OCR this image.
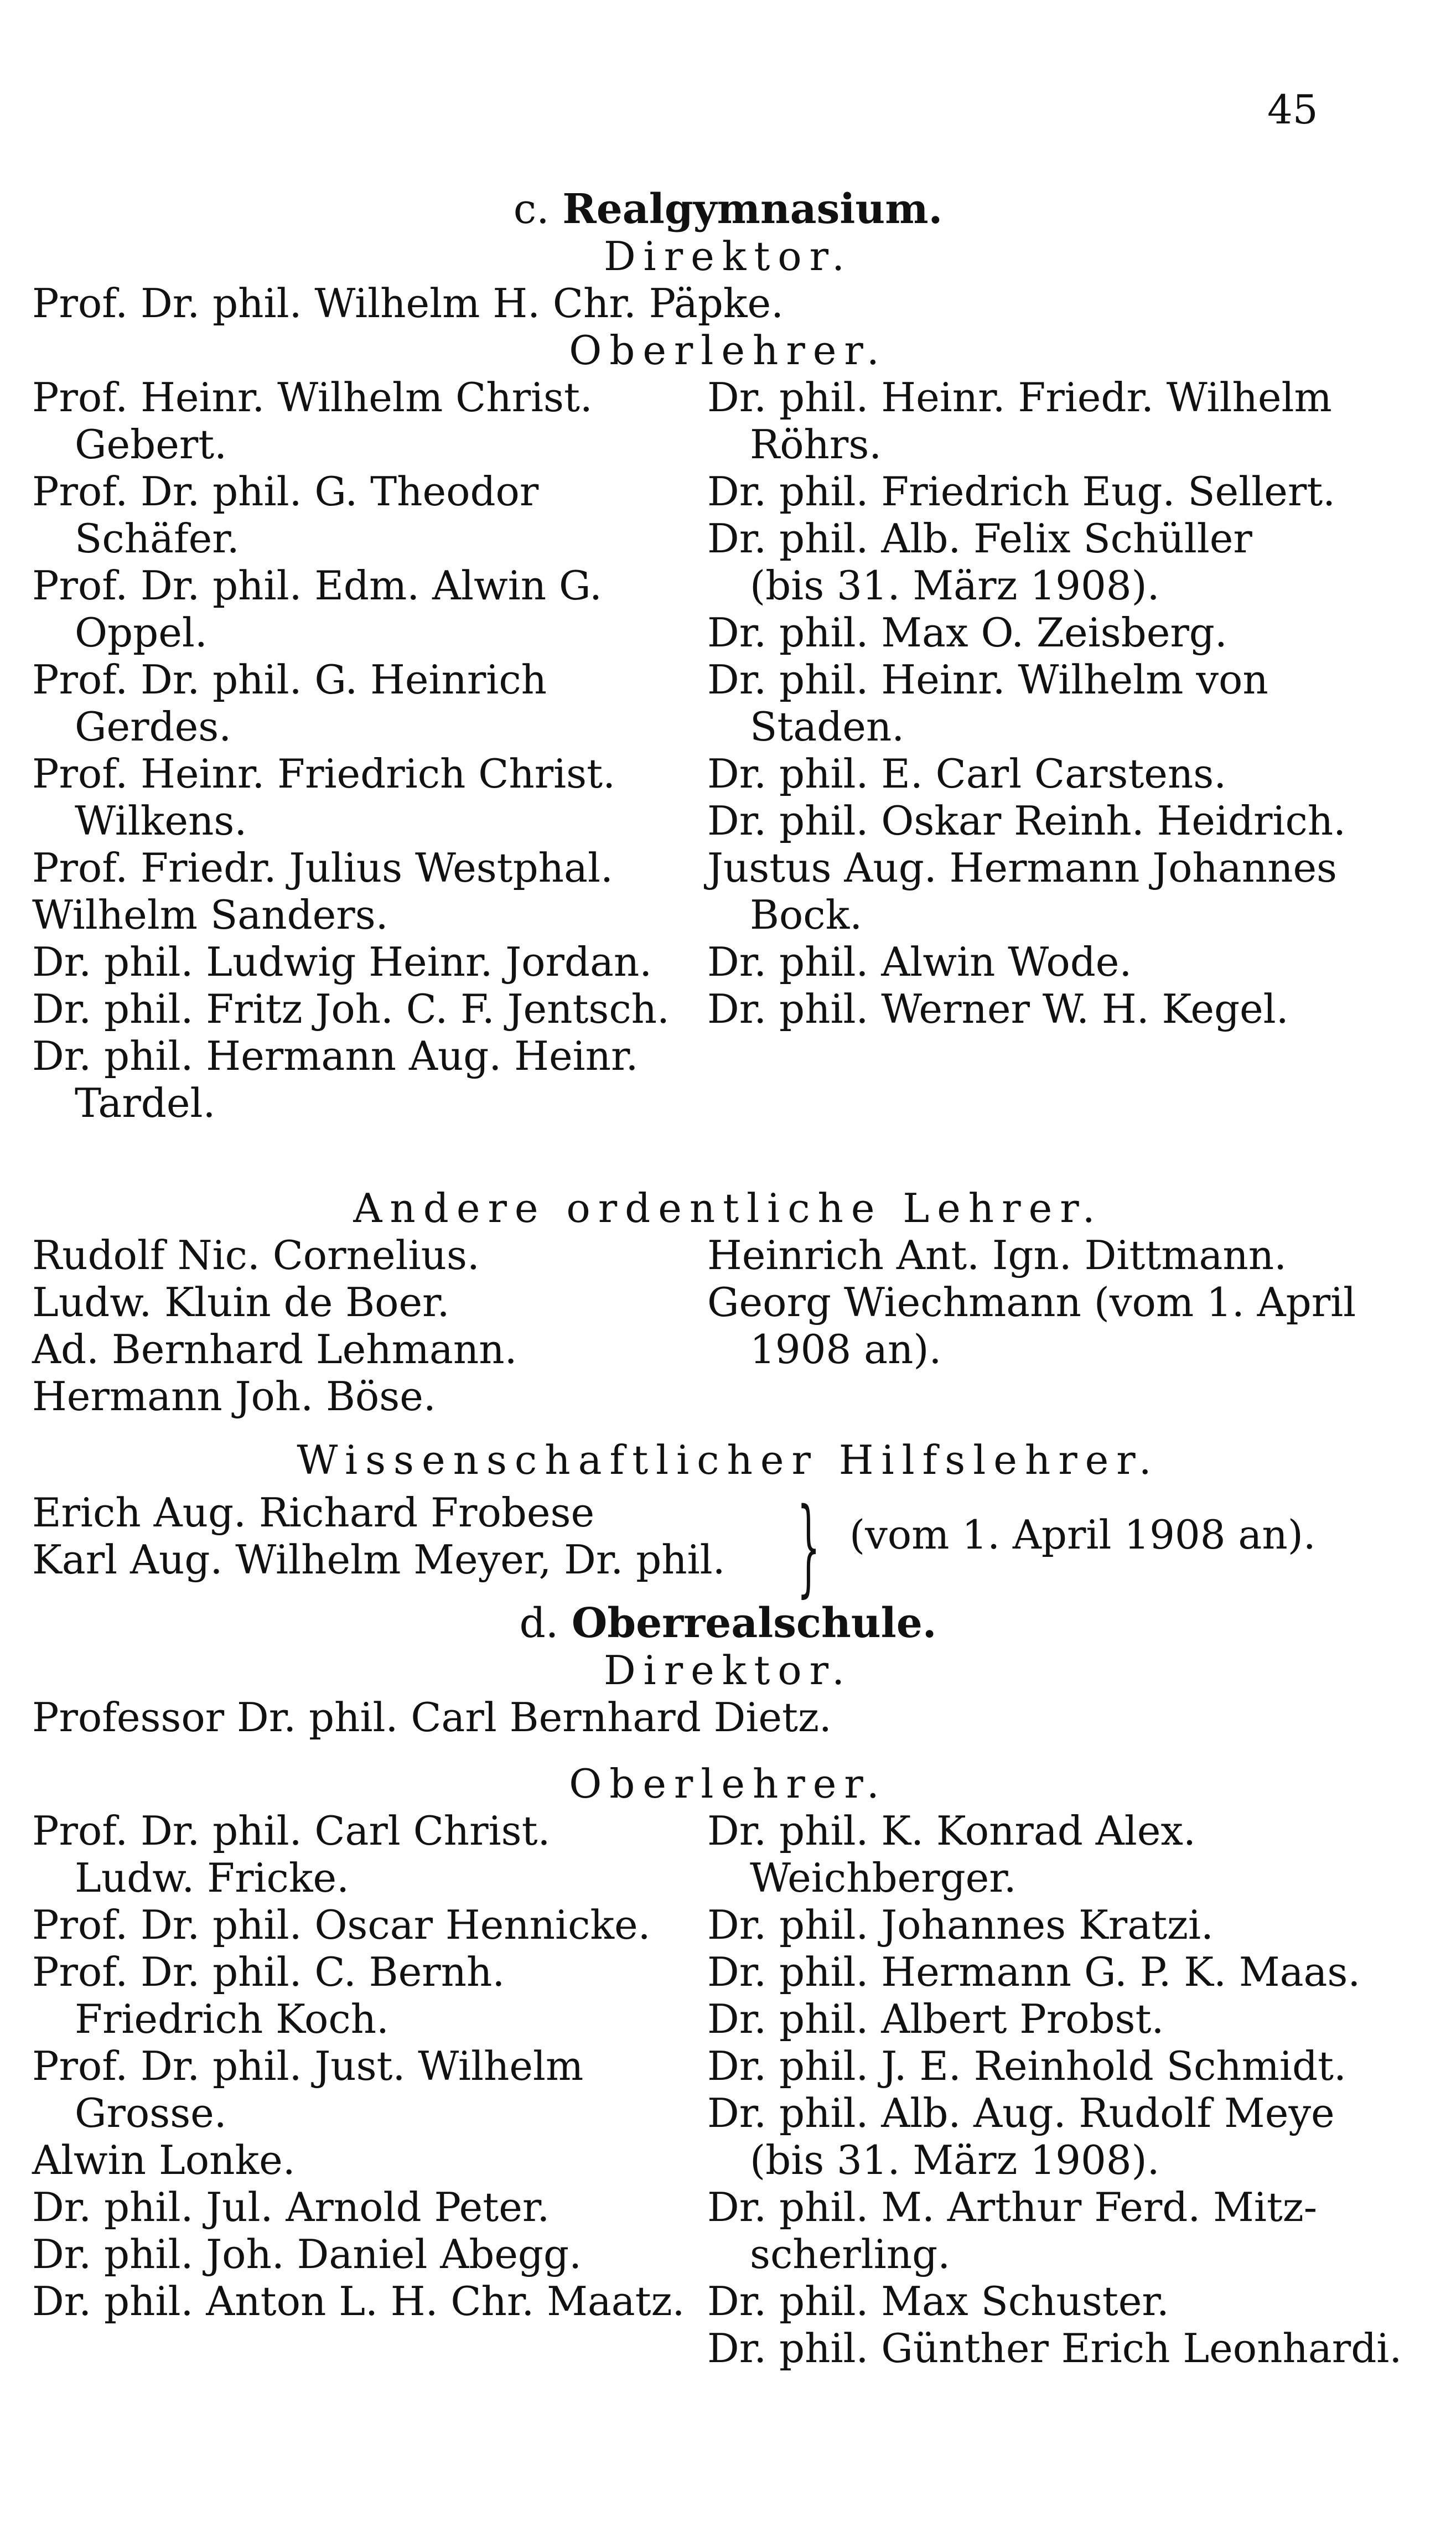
45
c. Realgymnasium.
Direktor.
Prof. Dr. phil. Wilhelm H. Chr. Päpke.
Oberlehrer.
Prof. Heinr. Wilhelm Christ.
Gebert.
Prof. Dr. phil. G. Theodor
Schäfer.
Prof. Dr. phil. Edm. Alwin G.
Oppel.
Prof. Dr. phil. G. Heinrich
Gerdes.
Prof. Heinr. Friedrich Christ.
Wilkens.
Prof. Friedr. Julius Westphal.
Wilhelm Sanders.
Dr. phil. Ludwig Heinr. Jordan.
Dr. phil. Fritz Joh. C. F. Jentsch.
Dr. phil. Hermann Aug. Heinr.
Tardel.
Dr. phil. Heinr. Friedr. Wilhelm
Röhrs.
Dr. phil. Friedrich Eug. Sellert.
Dr. phil. Alb. Felix Schüller
(bis 31. März 1908).
Dr. phil. Max O. Zeisberg.
Dr. phil. Heinr. Wilhelm von
Staden.
Dr. phil. E. Carl Carstens.
Dr. phil. Oskar Reinh. Heidrich.
Justus Aug. Hermann Johannes
Bock.
Dr. phil. Alwin Wode.
Dr. phil. Werner W. H. Kegel.
Andere ordentliche Lehrer.
Rudolf Nic. Cornelius.
Ludw. Kluin de Boer.
Ad. Bernhard Lehmann.
Hermann Joh. Böse.
Heinrich Ant. Ign. Dittmann.
Georg Wiechmann (vom 1. April
1908 an).
Wissenschaftlicher Hilfslehrer.
Erich Aug. Richard Frobese
Karl Aug. Wilhelm Meyer, Dr. phil. } (vom 1. April 1908 an).
d. Oberrealschule.
Direktor.
Professor Dr. phil. Carl Bernhard Dietz.
Oberlehrer.
Prof. Dr. phil. Carl Christ.
Ludw. Fricke.
Prof. Dr. phil. Oscar Hennicke.
Prof. Dr. phil. C. Bernh.
Friedrich Koch.
Prof. Dr. phil. Just. Wilhelm
Grosse.
Alwin Lonke.
Dr. phil. Jul. Arnold Peter.
Dr. phil. Joh. Daniel Abegg.
Dr. phil. Anton L. H. Chr. Maatz.
Dr. phil. K. Konrad Alex.
Weichberger.
Dr. phil. Johannes Kratzi.
Dr. phil. Hermann G. P. K. Maas.
Dr. phil. Albert Probst.
Dr. phil. J. E. Reinhold Schmidt.
Dr. phil. Alb. Aug. Rudolf Meye
(bis 31. März 1908).
Dr. phil. M. Arthur Ferd. Mitz-
scherling.
Dr. phil. Max Schuster.
Dr. phil. Günther Erich Leonhardi.
